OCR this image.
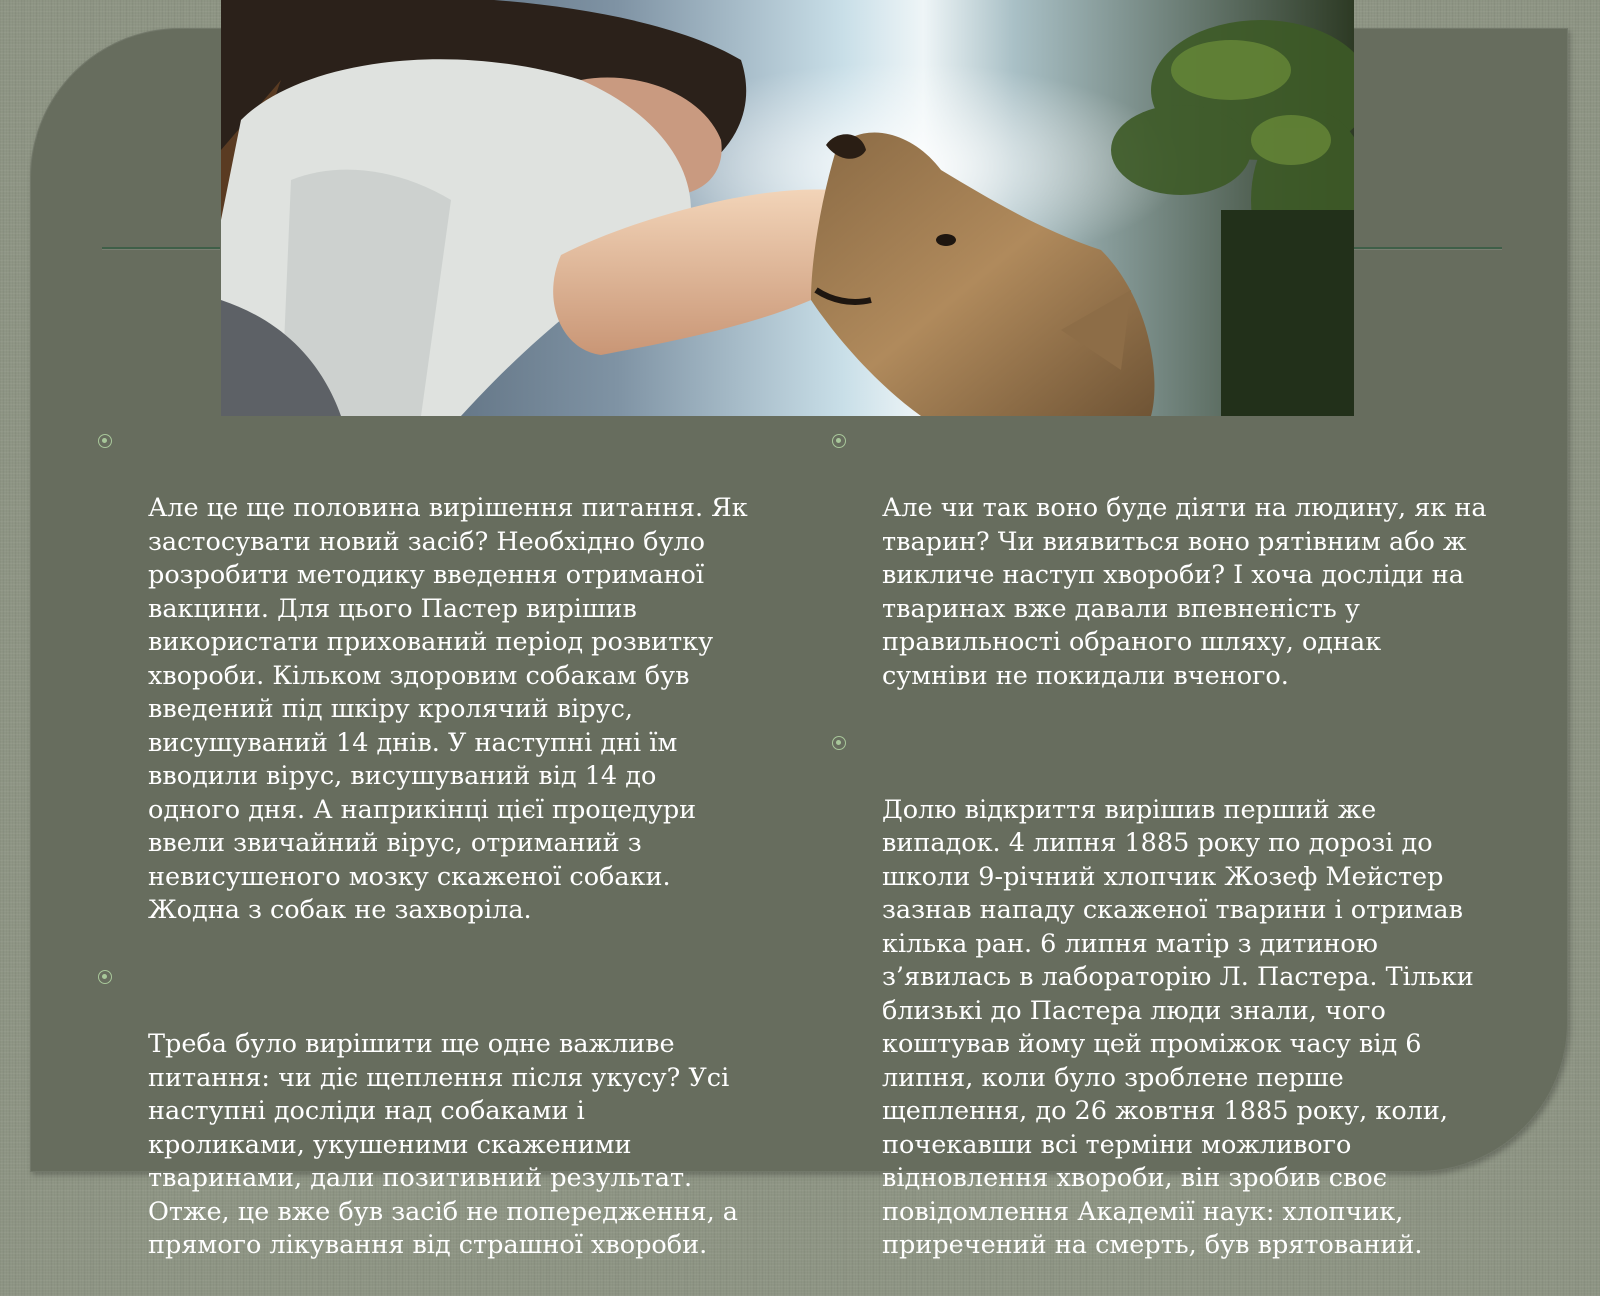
Але це ще половина вирішення питання. Як
застосувати новий засіб? Необхідно було
розробити методику введення отриманої
вакцини. Для цього Пастер вирішив
використати прихований період розвитку
хвороби. Кільком здоровим собакам був
введений під шкіру кролячий вірус,
висушуваний 14 днів. У наступні дні їм
вводили вірус, висушуваний від 14 до
одного дня. А наприкінці цієї процедури
ввели звичайний вірус, отриманий з
невисушеного мозку скаженої собаки.
Жодна з собак не захворіла.

Треба було вирішити ще одне важливе
питання: чи діє щеплення після укусу? Усі
наступні досліди над собаками і
кроликами, укушеними скаженими
тваринами, дали позитивний результат.
Отже, це вже був засіб не попередження, а
прямого лікування від страшної хвороби.

Але чи так воно буде діяти на людину, як на
тварин? Чи виявиться воно рятівним або ж
викличе наступ хвороби? І хоча досліди на
тваринах вже давали впевненість у
правильності обраного шляху, однак
сумніви не покидали вченого.

Долю відкриття вирішив перший же
випадок. 4 липня 1885 року по дорозі до
школи 9-річний хлопчик Жозеф Мейстер
зазнав нападу скаженої тварини і отримав
кілька ран. 6 липня матір з дитиною
з’явилась в лабораторію Л. Пастера. Тільки
близькі до Пастера люди знали, чого
коштував йому цей проміжок часу від 6
липня, коли було зроблене перше
щеплення, до 26 жовтня 1885 року, коли,
почекавши всі терміни можливого
відновлення хвороби, він зробив своє
повідомлення Академії наук: хлопчик,
приречений на смерть, був врятований.
